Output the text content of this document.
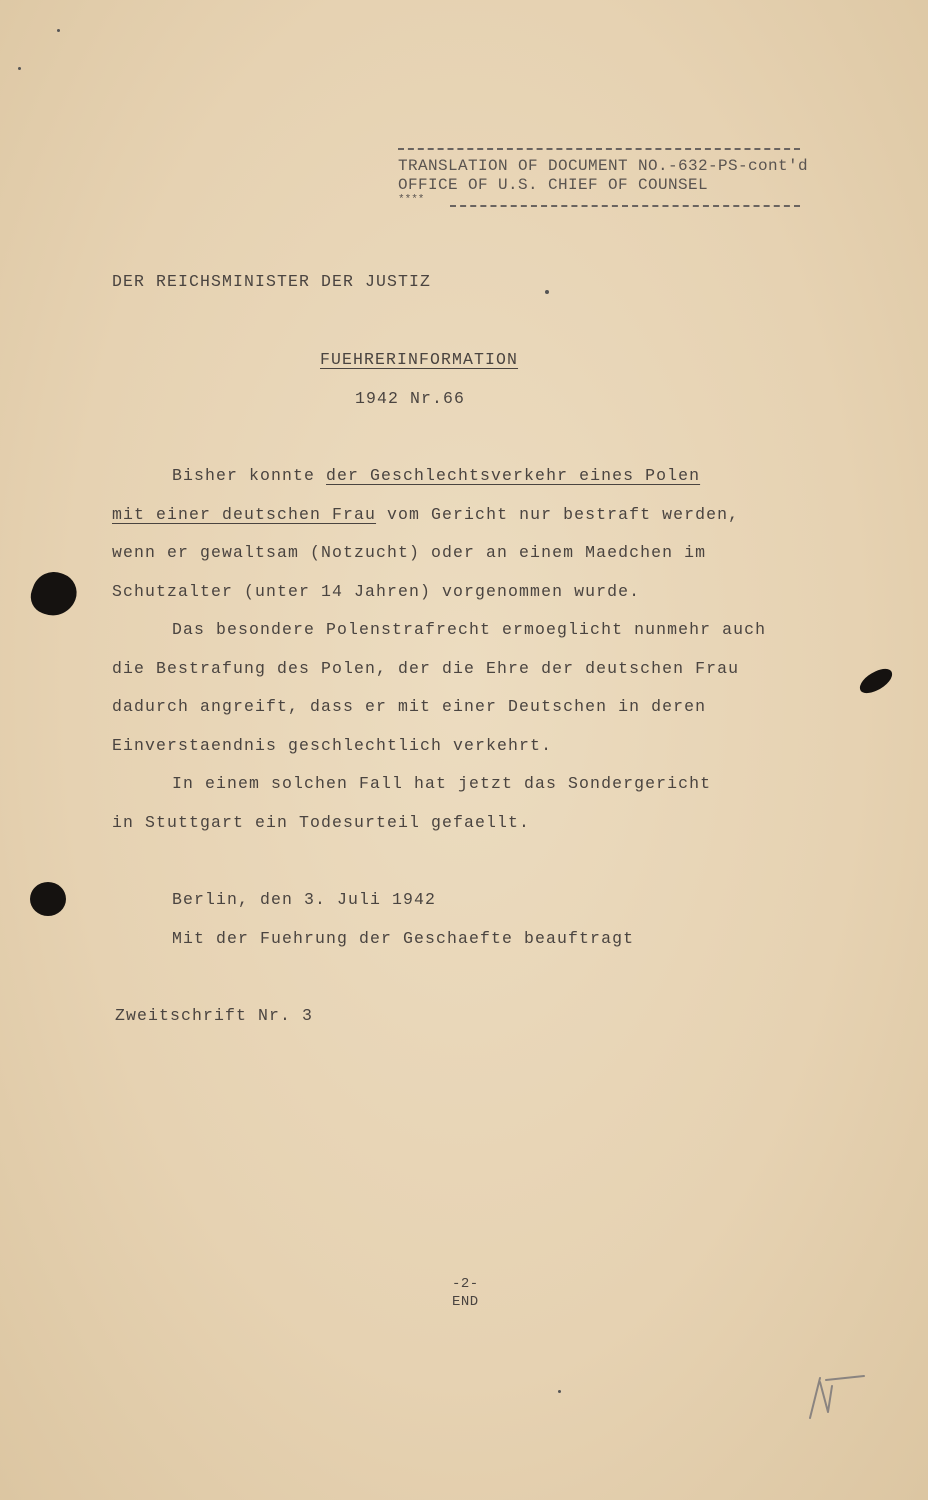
TRANSLATION OF DOCUMENT NO.-632-PS-cont'd
OFFICE OF U.S. CHIEF OF COUNSEL
****
DER REICHSMINISTER DER JUSTIZ
FUEHRERINFORMATION
1942 Nr.66
Bisher konnte der Geschlechtsverkehr eines Polen
mit einer deutschen Frau vom Gericht nur bestraft werden,
wenn er gewaltsam (Notzucht) oder an einem Maedchen im
Schutzalter (unter 14 Jahren) vorgenommen wurde.
Das besondere Polenstrafrecht ermoeglicht nunmehr auch
die Bestrafung des Polen, der die Ehre der deutschen Frau
dadurch angreift, dass er mit einer Deutschen in deren
Einverstaendnis geschlechtlich verkehrt.
In einem solchen Fall hat jetzt das Sondergericht
in Stuttgart ein Todesurteil gefaellt.
Berlin, den 3. Juli 1942
Mit der Fuehrung der Geschaefte beauftragt
Zweitschrift Nr. 3
-2-
END
